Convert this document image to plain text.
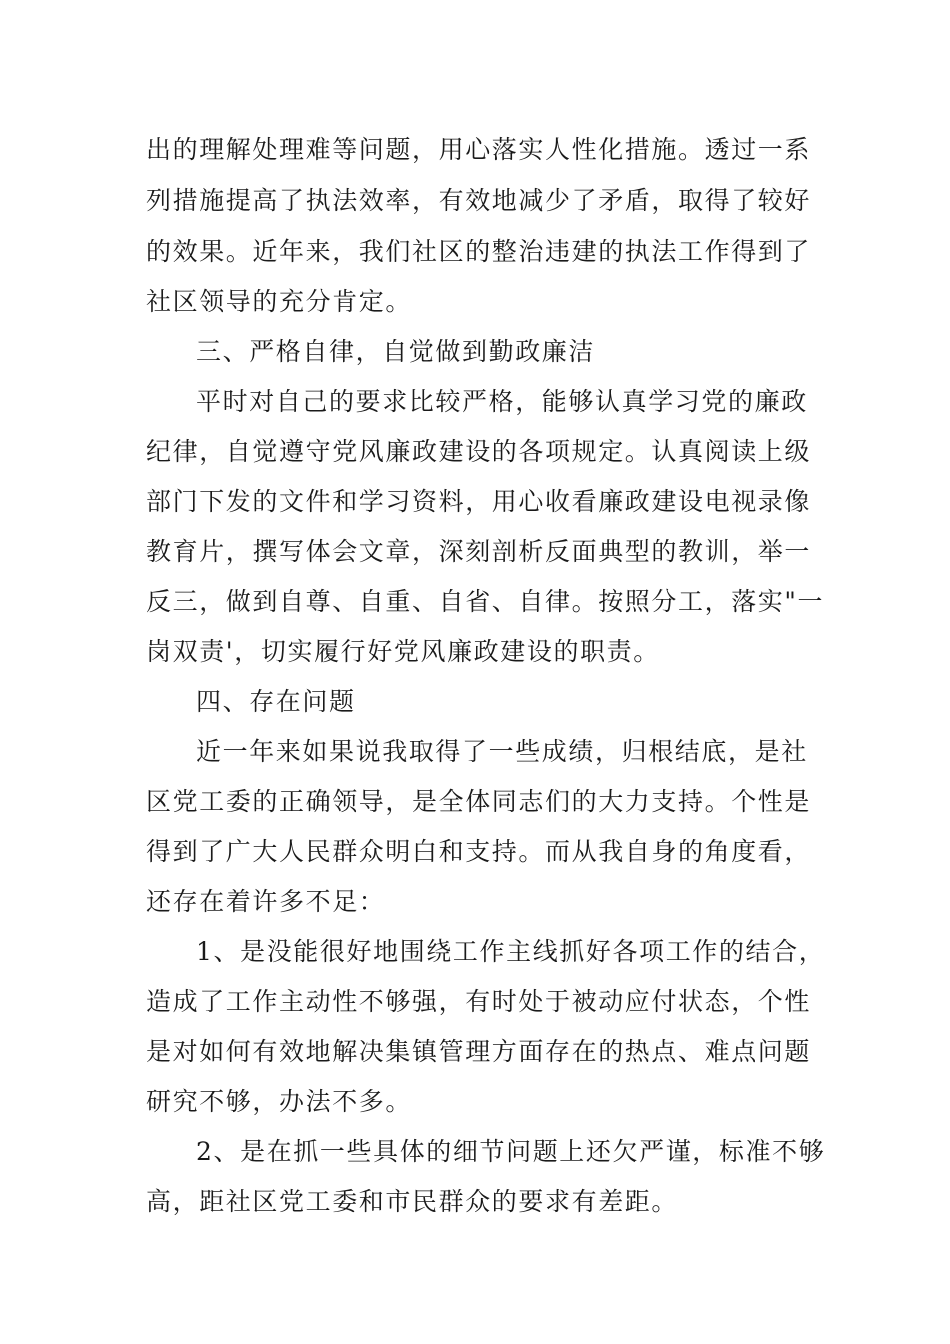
出的理解处理难等问题，用心落实人性化措施。透过一系
列措施提高了执法效率，有效地减少了矛盾，取得了较好
的效果。近年来，我们社区的整治违建的执法工作得到了
社区领导的充分肯定。
三、严格自律，自觉做到勤政廉洁
平时对自己的要求比较严格，能够认真学习党的廉政
纪律，自觉遵守党风廉政建设的各项规定。认真阅读上级
部门下发的文件和学习资料，用心收看廉政建设电视录像
教育片，撰写体会文章，深刻剖析反面典型的教训，举一
反三，做到自尊、自重、自省、自律。按照分工，落实"一
岗双责'，切实履行好党风廉政建设的职责。
四、存在问题
近一年来如果说我取得了一些成绩，归根结底，是社
区党工委的正确领导，是全体同志们的大力支持。个性是
得到了广大人民群众明白和支持。而从我自身的角度看，
还存在着许多不足：
1、是没能很好地围绕工作主线抓好各项工作的结合，
造成了工作主动性不够强，有时处于被动应付状态，个性
是对如何有效地解决集镇管理方面存在的热点、难点问题
研究不够，办法不多。
2、是在抓一些具体的细节问题上还欠严谨，标准不够
高，距社区党工委和市民群众的要求有差距。
